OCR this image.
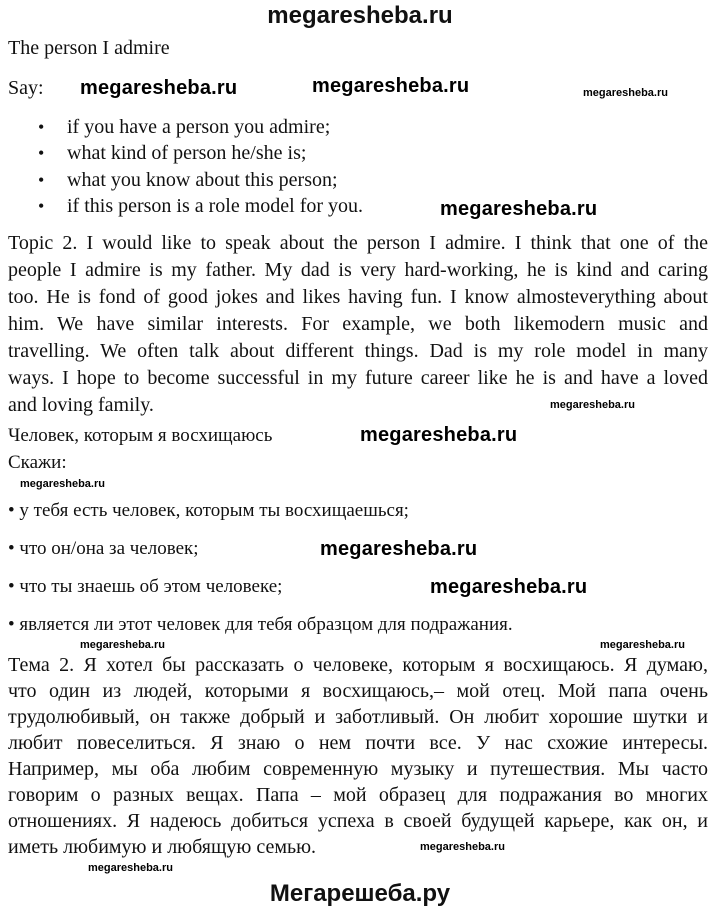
megaresheba.ru
The person I admire
Say:
• if you have a person you admire;
• what kind of person he/she is;
• what you know about this person;
• if this person is a role model for you.
Topic 2. I would like to speak about the person I admire. I think that one of the
people I admire is my father. My dad is very hard-working, he is kind and caring
too. He is fond of good jokes and likes having fun. I know almosteverything about
him. We have similar interests. For example, we both likemodern music and
travelling. We often talk about different things. Dad is my role model in many
ways. I hope to become successful in my future career like he is and have a loved
and loving family.
Человек, которым я восхищаюсь
Скажи:
• у тебя есть человек, которым ты восхищаешься;
• что он/она за человек;
• что ты знаешь об этом человеке;
• является ли этот человек для тебя образцом для подражания.
Тема 2. Я хотел бы рассказать о человеке, которым я восхищаюсь. Я думаю,
что один из людей, которыми я восхищаюсь,– мой отец. Мой папа очень
трудолюбивый, он также добрый и заботливый. Он любит хорошие шутки и
любит повеселиться. Я знаю о нем почти все. У нас схожие интересы.
Например, мы оба любим современную музыку и путешествия. Мы часто
говорим о разных вещах. Папа – мой образец для подражания во многих
отношениях. Я надеюсь добиться успеха в своей будущей карьере, как он, и
иметь любимую и любящую семью.
megaresheba.ru	megaresheba.ru	megaresheba.ru
megaresheba.ru
megaresheba.ru
megaresheba.ru
megaresheba.ru
megaresheba.ru
megaresheba.ru
megaresheba.ru	megaresheba.ru
megaresheba.ru
megaresheba.ru
Мегарешеба.ру
